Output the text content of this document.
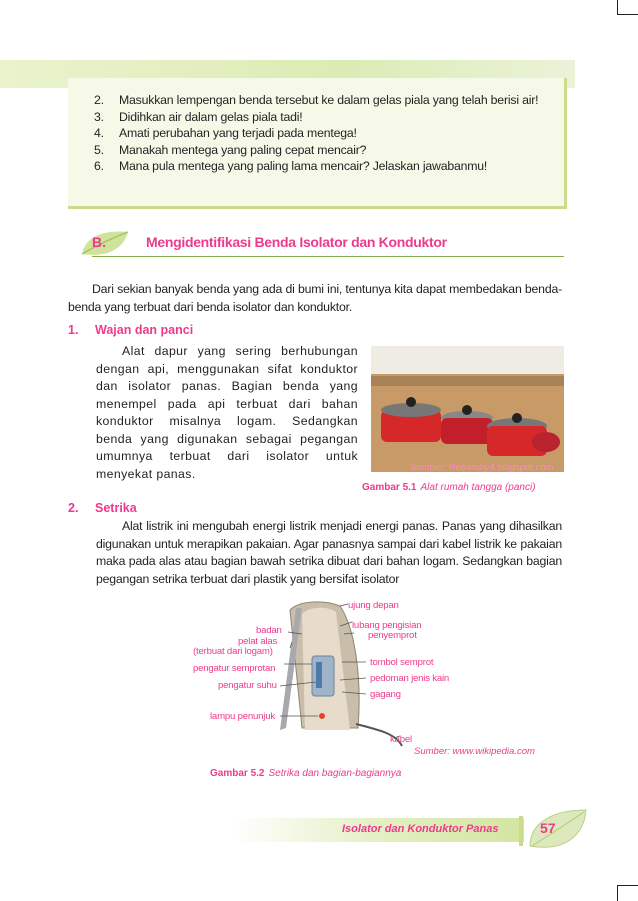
2. Masukkan lempengan benda tersebut ke dalam gelas piala yang telah berisi air!
3. Didihkan air dalam gelas piala tadi!
4. Amati perubahan yang terjadi pada mentega!
5. Manakah mentega yang paling cepat mencair?
6. Mana pula mentega yang paling lama mencair? Jelaskan jawabanmu!
B.	Mengidentifikasi Benda Isolator dan Konduktor
Dari sekian banyak benda yang ada di bumi ini, tentunya kita dapat membedakan benda-benda yang terbuat dari benda isolator dan konduktor.
1. Wajan dan panci
Alat dapur yang sering berhubungan dengan api, menggunakan sifat konduktor dan isolator panas. Bagian benda yang menempel pada api terbuat dari bahan konduktor misalnya logam. Sedangkan benda yang digunakan sebagai pegangan umumnya terbuat dari isolator untuk menyekat panas.	Sumber: filebamby4.blogspot.com
Gambar 5.1 Alat rumah tangga (panci)
2. Setrika
Alat listrik ini mengubah energi listrik menjadi energi panas. Panas yang dihasilkan digunakan untuk merapikan pakaian. Agar panasnya sampai dari kabel listrik ke pakaian maka pada alas atau bagian bawah setrika dibuat dari bahan logam. Sedangkan bagian pegangan setrika terbuat dari plastik yang bersifat isolator
ujung depan
lubang pengisian
badan	penyemprot
pelat alas
(terbuat dari logam)
pengatur semprotan
tombol semprot
pedoman jenis kain
pengatur suhu
gagang
lampu penunjuk
kabel
Sumber: www.wikipedia.com
Gambar 5.2 Setrika dan bagian-bagiannya
Isolator dan Konduktor Panas	57
